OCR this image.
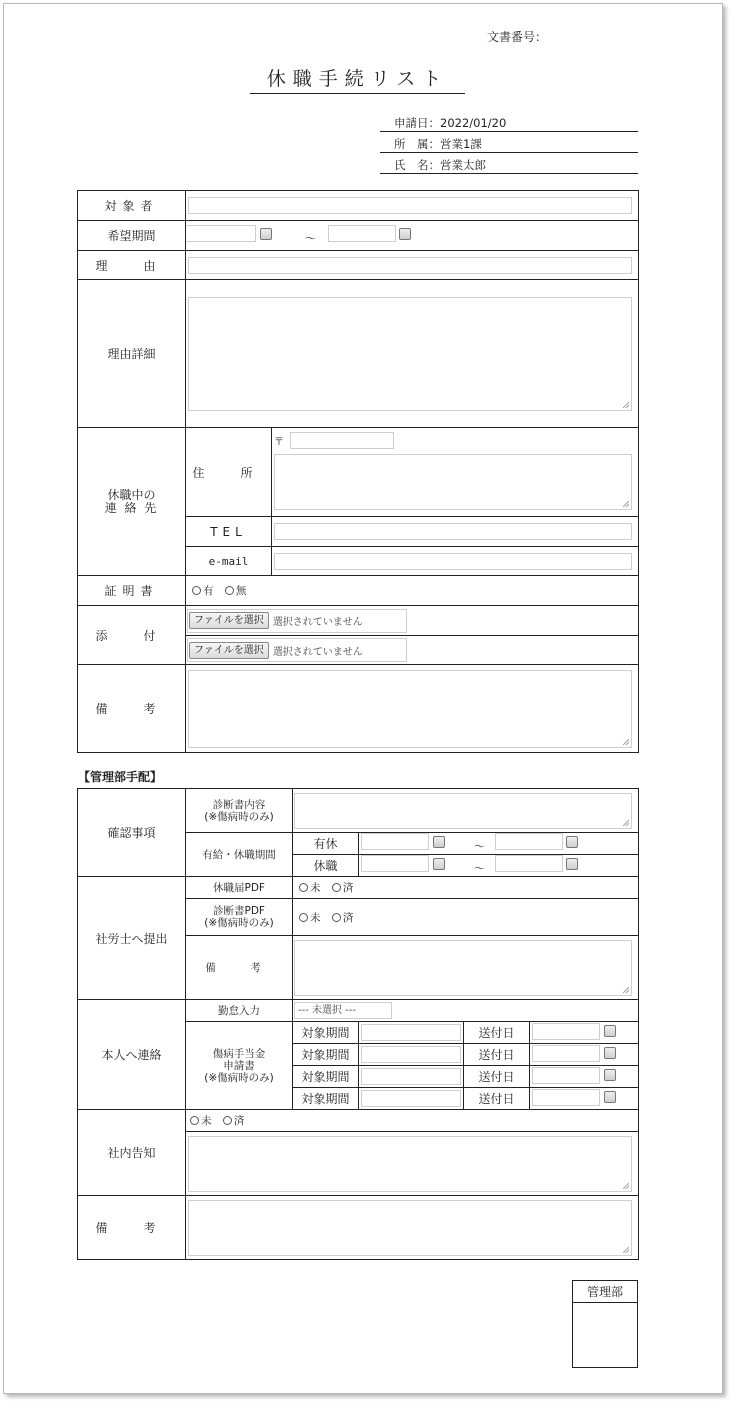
文書番号：
休職手続リスト
申請日：2022/01/20
所　属：営業1課
氏　名：営業太郎
対象者		

希望期間	～	

理　由		

理由詳細		

休職中の
連 絡 先	住　所	〒

	TEL	

	e-mail	

証明書	有 無	
添　付	ファイルを選択 選択されていません	

	ファイルを選択 選択されていません	

備　考		
【管理部手配】
確認事項	診断書内容
(※傷病時のみ)				

	有給・休職期間	有休	～		

		休職	～		

社労士へ提出	休職届PDF	未 済			

	診断書PDF
(※傷病時のみ)	未 済			
	備　考				

本人へ連絡	勤怠入力	--- 未選択 ---			

	傷病手当金
申請書
(※傷病時のみ)	対象期間		送付日	

		対象期間		送付日	

		対象期間		送付日	

		対象期間		送付日	

社内告知	未 済				

備　考					
管理部
